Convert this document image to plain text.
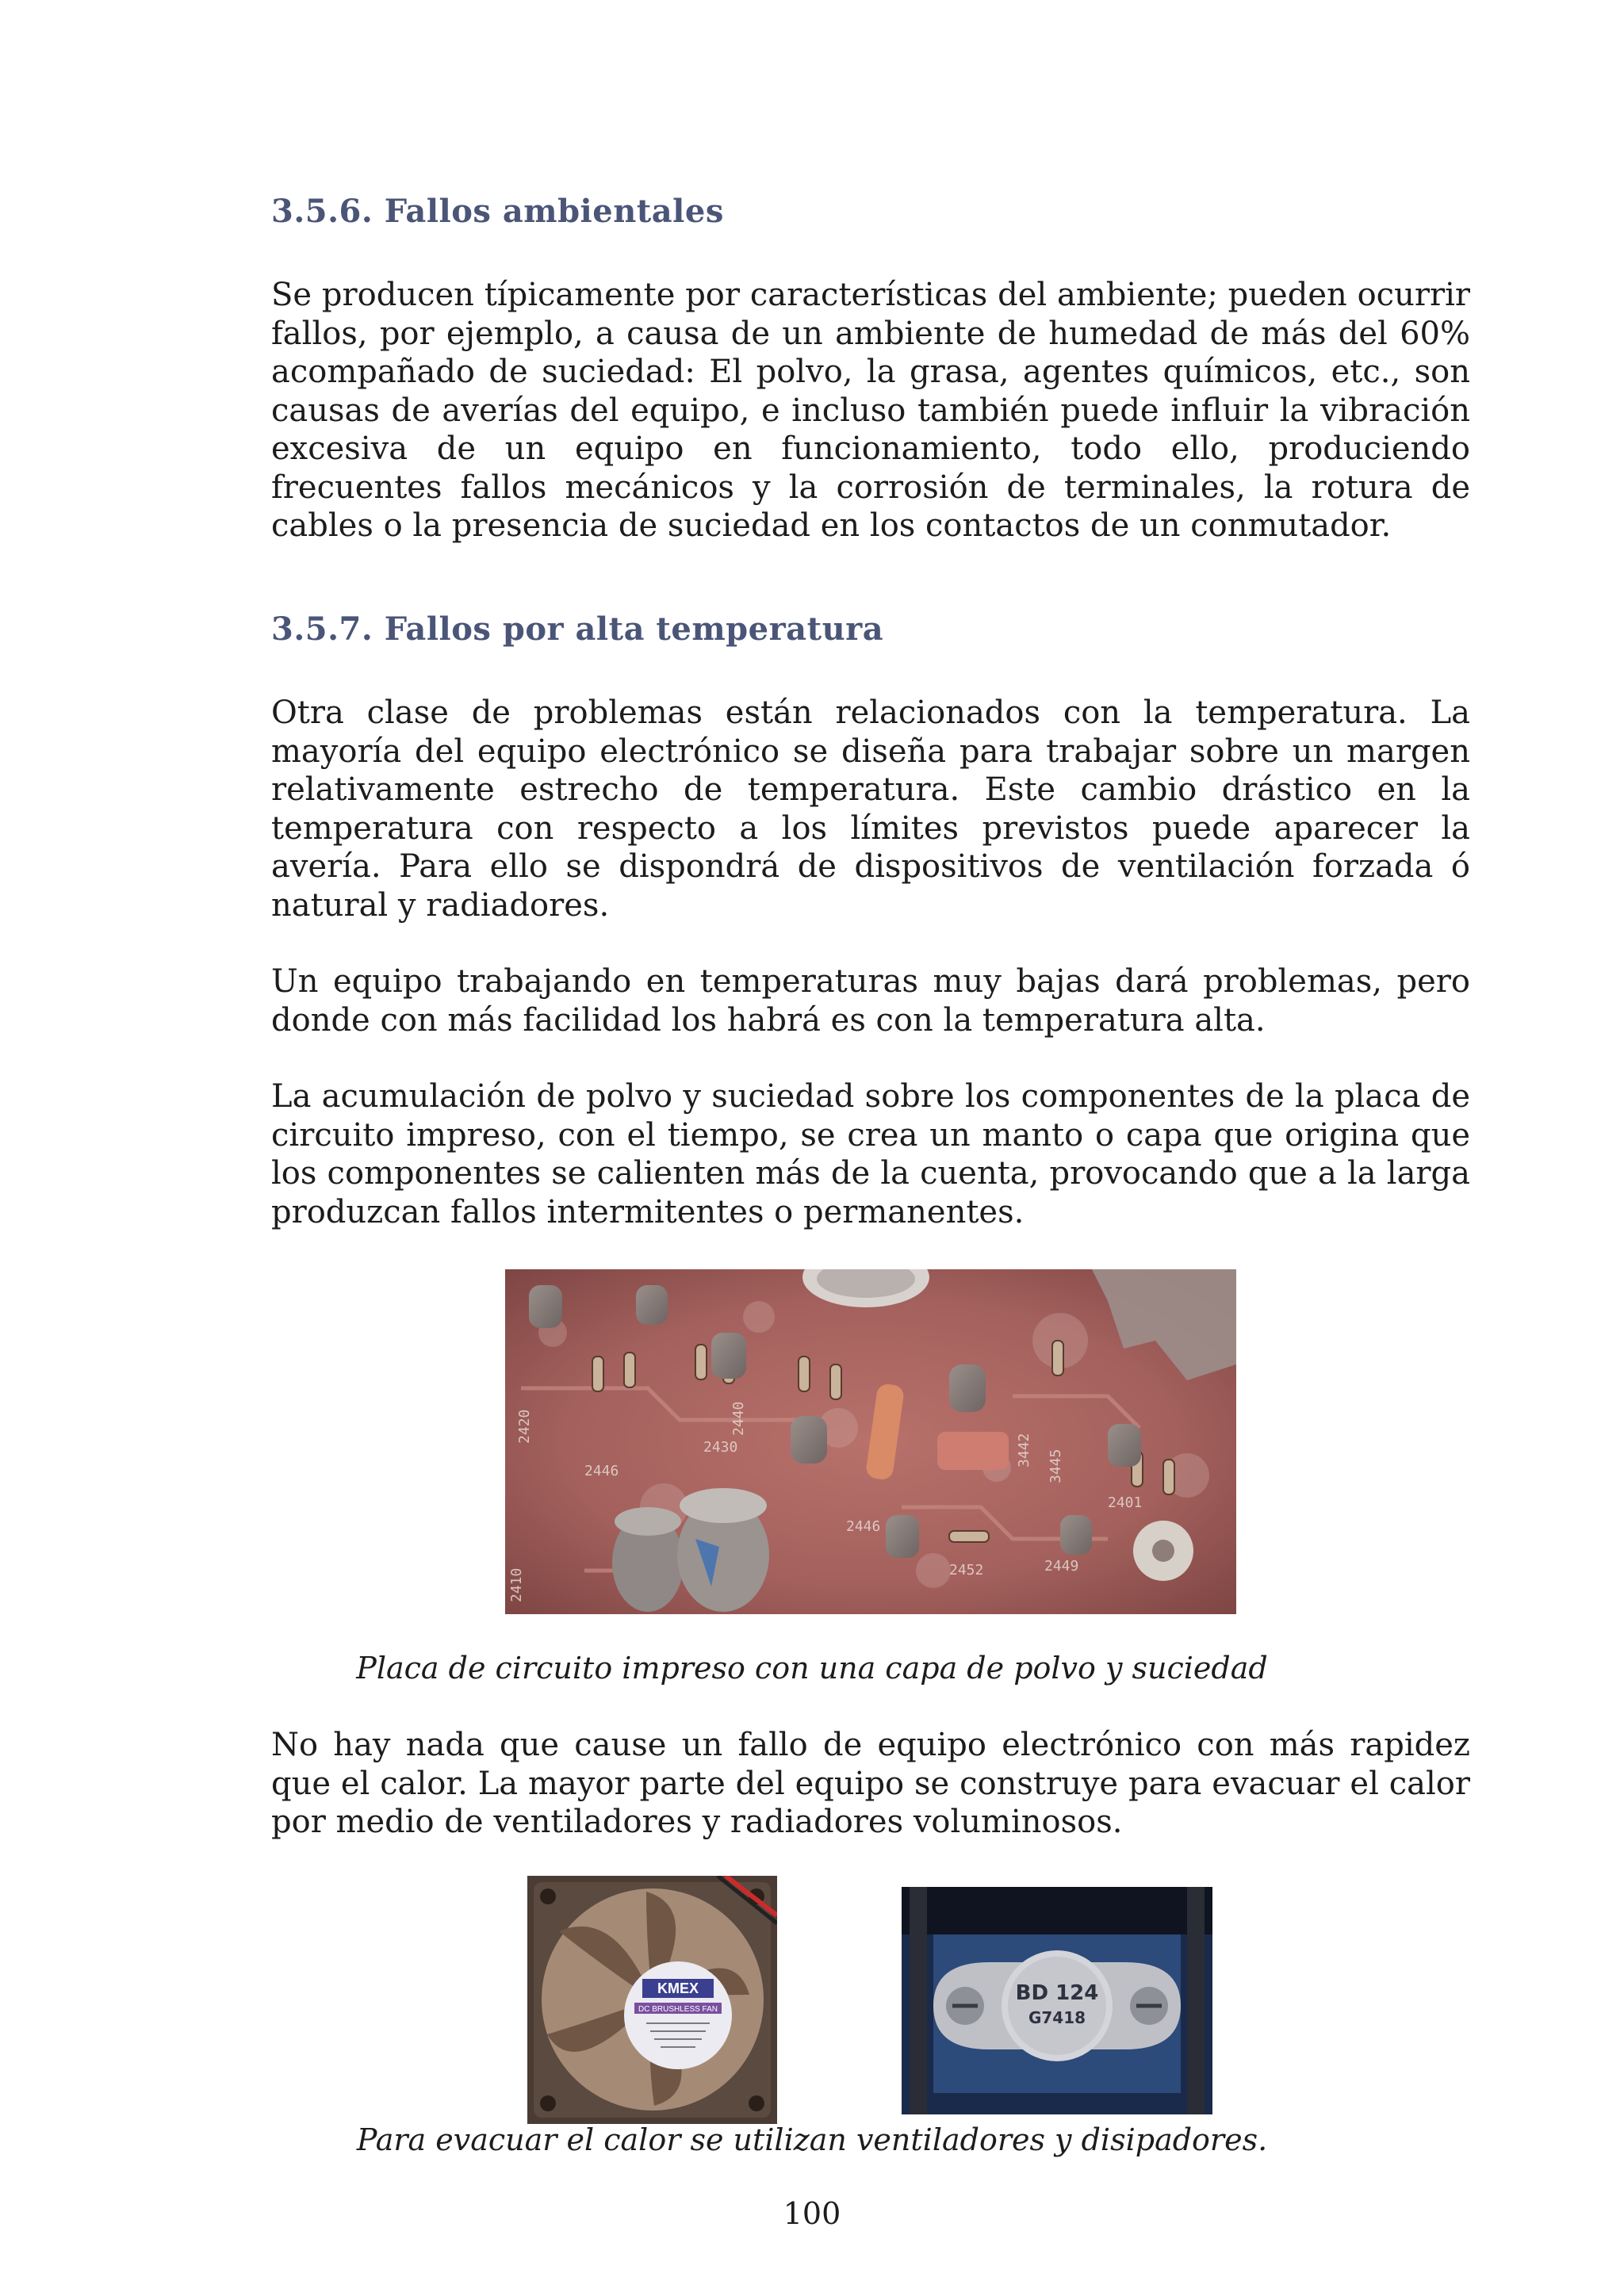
3.5.6. Fallos ambientales

Se producen típicamente por características del ambiente; pueden ocurrir fallos, por ejemplo, a causa de un ambiente de humedad de más del 60% acompañado de suciedad: El polvo, la grasa, agentes químicos, etc., son causas de averías del equipo, e incluso también puede influir la vibración excesiva de un equipo en funcionamiento, todo ello, produciendo frecuentes fallos mecánicos y la corrosión de terminales, la rotura de cables o la presencia de suciedad en los contactos de un conmutador.

3.5.7. Fallos por alta temperatura

Otra clase de problemas están relacionados con la temperatura. La mayoría del equipo electrónico se diseña para trabajar sobre un margen relativamente estrecho de temperatura. Este cambio drástico en la temperatura con respecto a los límites previstos puede aparecer la avería. Para ello se dispondrá de dispositivos de ventilación forzada ó natural y radiadores.

Un equipo trabajando en temperaturas muy bajas dará problemas, pero donde con más facilidad los habrá es con la temperatura alta.

La acumulación de polvo y suciedad sobre los componentes de la placa de circuito impreso, con el tiempo, se crea un manto o capa que origina que los componentes se calienten más de la cuenta, provocando que a la larga produzcan fallos intermitentes o permanentes.

2420
2430
2440
2446
2452	2449
2401
2410
3442 3445
2446

Placa de circuito impreso con una capa de polvo y suciedad

No hay nada que cause un fallo de equipo electrónico con más rapidez que el calor. La mayor parte del equipo se construye para evacuar el calor por medio de ventiladores y radiadores voluminosos.

KMEX
DC BRUSHLESS FAN
BD 124
G7418

Para evacuar el calor se utilizan ventiladores y disipadores.

100
